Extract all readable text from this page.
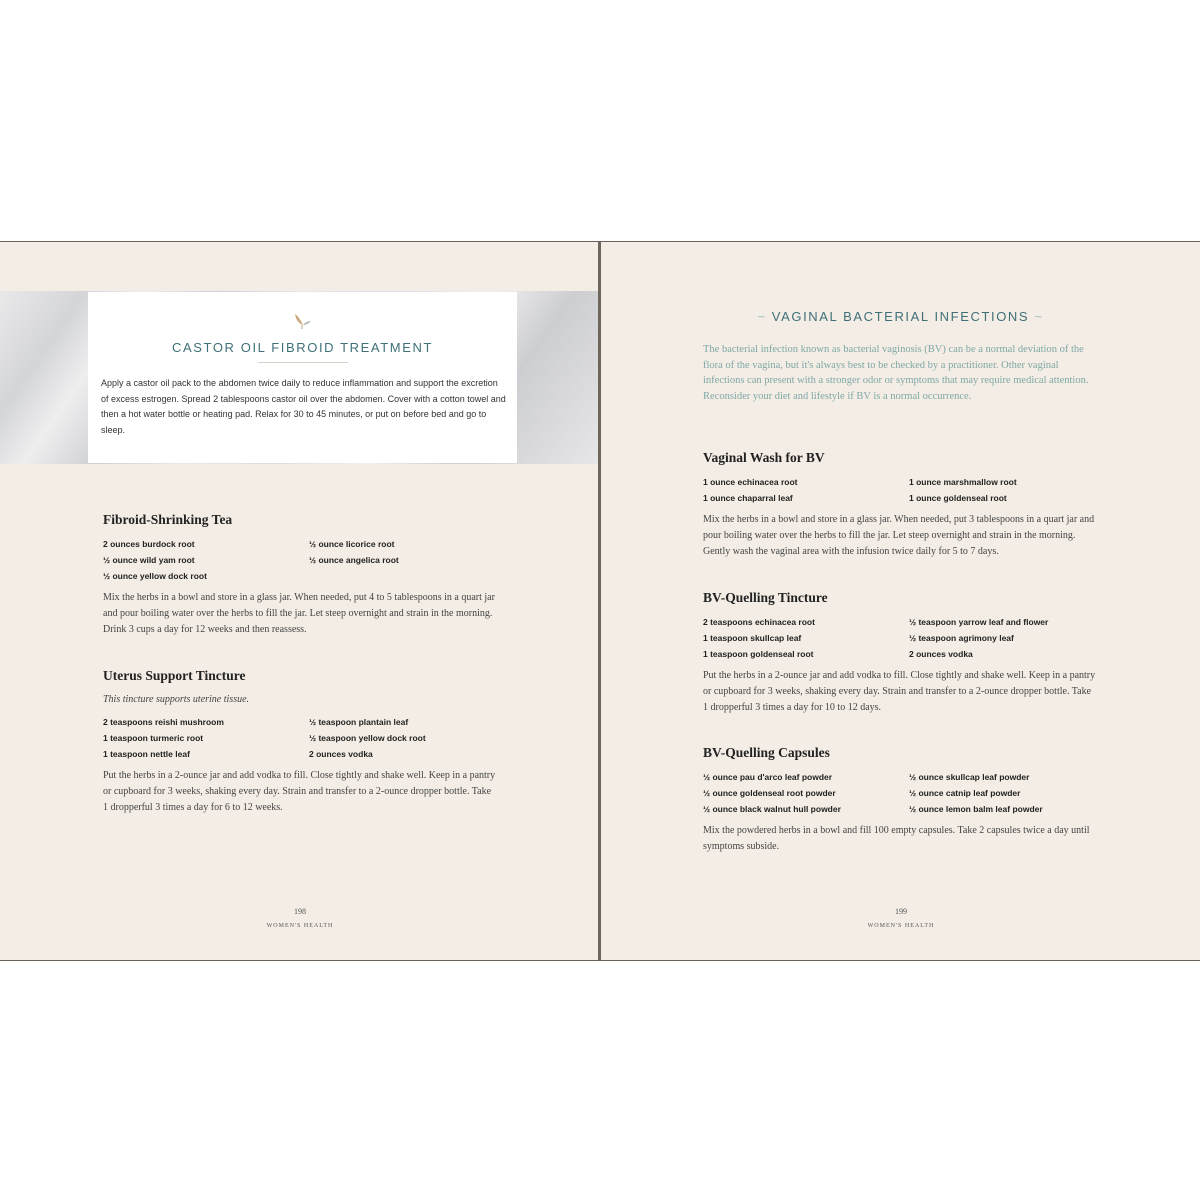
CASTOR OIL FIBROID TREATMENT
Apply a castor oil pack to the abdomen twice daily to reduce inflammation and support the excretion of excess estrogen. Spread 2 tablespoons castor oil over the abdomen. Cover with a cotton towel and then a hot water bottle or heating pad. Relax for 30 to 45 minutes, or put on before bed and go to sleep.
Fibroid-Shrinking Tea
2 ounces burdock root	½ ounce licorice root
½ ounce wild yam root	½ ounce angelica root
½ ounce yellow dock root
Mix the herbs in a bowl and store in a glass jar. When needed, put 4 to 5 tablespoons in a quart jar and pour boiling water over the herbs to fill the jar. Let steep overnight and strain in the morning. Drink 3 cups a day for 12 weeks and then reassess.
Uterus Support Tincture
This tincture supports uterine tissue.
2 teaspoons reishi mushroom	½ teaspoon plantain leaf
1 teaspoon turmeric root	½ teaspoon yellow dock root
1 teaspoon nettle leaf	2 ounces vodka
Put the herbs in a 2-ounce jar and add vodka to fill. Close tightly and shake well. Keep in a pantry or cupboard for 3 weeks, shaking every day. Strain and transfer to a 2-ounce dropper bottle. Take 1 dropperful 3 times a day for 6 to 12 weeks.
198
WOMEN'S HEALTH
~ VAGINAL BACTERIAL INFECTIONS ~
The bacterial infection known as bacterial vaginosis (BV) can be a normal deviation of the flora of the vagina, but it's always best to be checked by a practitioner. Other vaginal infections can present with a stronger odor or symptoms that may require medical attention. Reconsider your diet and lifestyle if BV is a normal occurrence.
Vaginal Wash for BV
1 ounce echinacea root	1 ounce marshmallow root
1 ounce chaparral leaf	1 ounce goldenseal root
Mix the herbs in a bowl and store in a glass jar. When needed, put 3 tablespoons in a quart jar and pour boiling water over the herbs to fill the jar. Let steep overnight and strain in the morning. Gently wash the vaginal area with the infusion twice daily for 5 to 7 days.
BV-Quelling Tincture
2 teaspoons echinacea root	½ teaspoon yarrow leaf and flower
1 teaspoon skullcap leaf	½ teaspoon agrimony leaf
1 teaspoon goldenseal root	2 ounces vodka
Put the herbs in a 2-ounce jar and add vodka to fill. Close tightly and shake well. Keep in a pantry or cupboard for 3 weeks, shaking every day. Strain and transfer to a 2-ounce dropper bottle. Take 1 dropperful 3 times a day for 10 to 12 days.
BV-Quelling Capsules
½ ounce pau d'arco leaf powder	½ ounce skullcap leaf powder
½ ounce goldenseal root powder	½ ounce catnip leaf powder
½ ounce black walnut hull powder	½ ounce lemon balm leaf powder
Mix the powdered herbs in a bowl and fill 100 empty capsules. Take 2 capsules twice a day until symptoms subside.
199
WOMEN'S HEALTH
